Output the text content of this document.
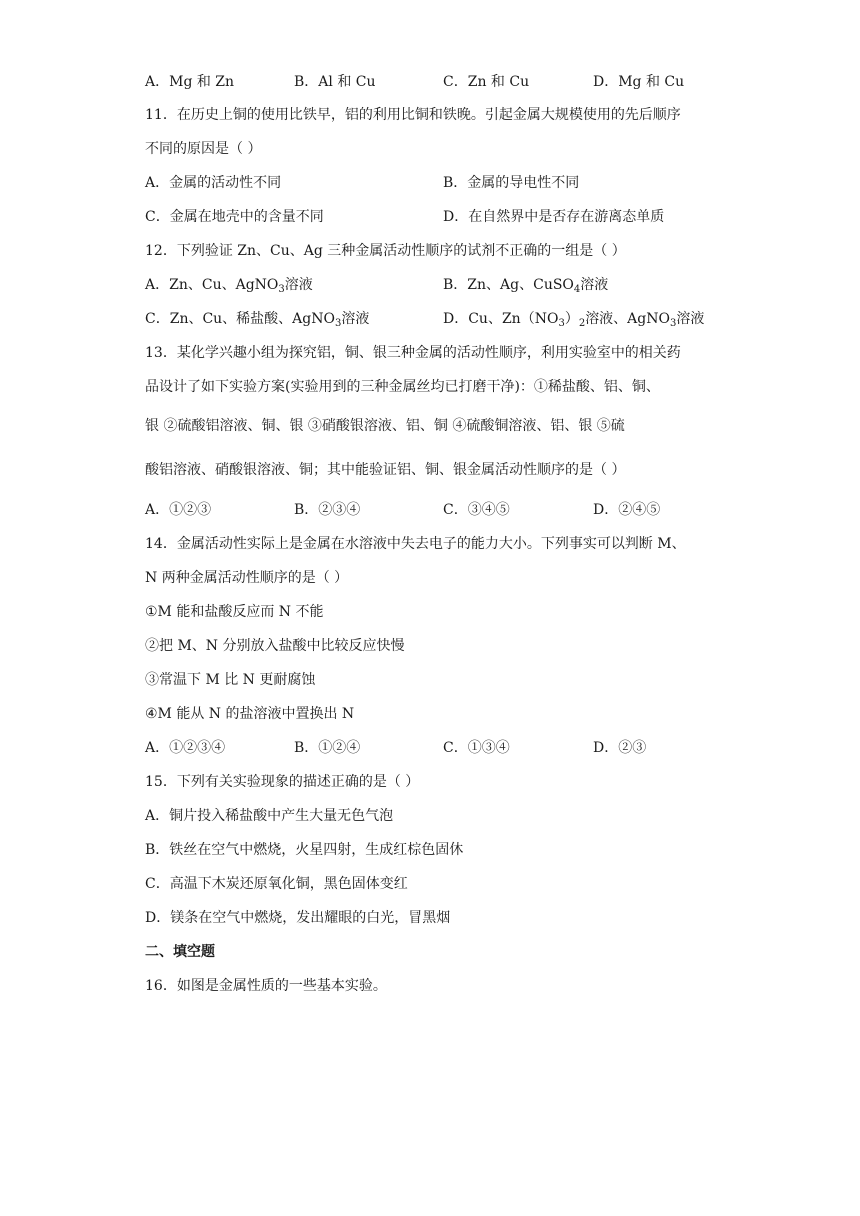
A．Mg 和 Zn	B．Al 和 Cu	C．Zn 和 Cu	D．Mg 和 Cu
11．在历史上铜的使用比铁早，铝的利用比铜和铁晚。引起金属大规模使用的先后顺序
不同的原因是（ ）
A．金属的活动性不同	B．金属的导电性不同
C．金属在地壳中的含量不同	D．在自然界中是否存在游离态单质
12．下列验证 Zn、Cu、Ag 三种金属活动性顺序的试剂不正确的一组是（ ）
A．Zn、Cu、AgNO$_3$溶液	B．Zn、Ag、CuSO$_4$溶液
C．Zn、Cu、稀盐酸、AgNO$_3$溶液	D．Cu、$Zn(NO_3)_2$溶液、AgNO$_3$溶液
13．某化学兴趣小组为探究铝，铜、银三种金属的活动性顺序，利用实验室中的相关药
品设计了如下实验方案(实验用到的三种金属丝均已打磨干净)：①稀盐酸、铝、铜、
银 ②硫酸铝溶液、铜、银 ③硝酸银溶液、铝、铜 ④硫酸铜溶液、铝、银 ⑤硫
酸铝溶液、硝酸银溶液、铜；其中能验证铝、铜、银金属活动性顺序的是（ ）
A．①②③	B．②③④	C．③④⑤	D．②④⑤
14．金属活动性实际上是金属在水溶液中失去电子的能力大小。下列事实可以判断 M、
N 两种金属活动性顺序的是（ ）
①M 能和盐酸反应而 N 不能
②把 M、N 分别放入盐酸中比较反应快慢
③常温下 M 比 N 更耐腐蚀
④M 能从 N 的盐溶液中置换出 N
A．①②③④	B．①②④	C．①③④	D．②③
15．下列有关实验现象的描述正确的是（ ）
A．铜片投入稀盐酸中产生大量无色气泡
B．铁丝在空气中燃烧，火星四射，生成红棕色固休
C．高温下木炭还原氧化铜，黑色固体变红
D．镁条在空气中燃烧，发出耀眼的白光，冒黑烟
二、填空题
16．如图是金属性质的一些基本实验。
